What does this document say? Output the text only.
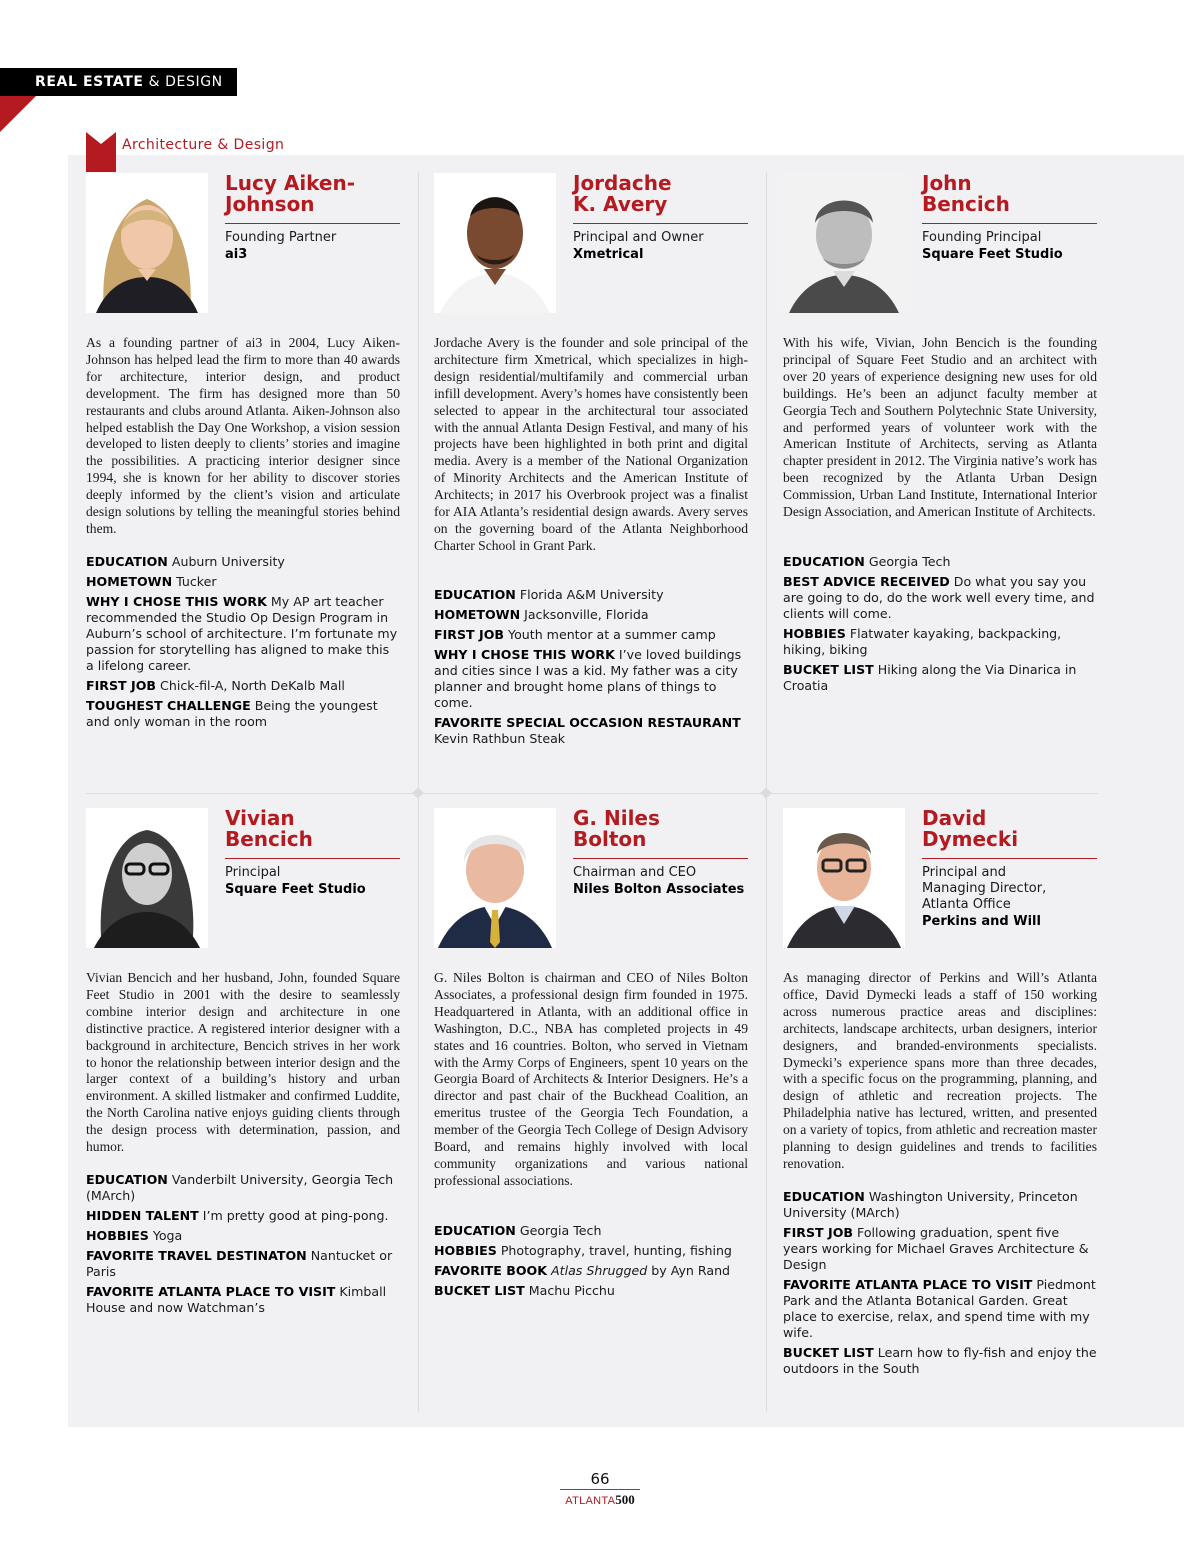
REAL ESTATE & DESIGN
Architecture & Design
Lucy Aiken-
Johnson
Founding Partner
ai3
As a founding partner of ai3 in 2004, Lucy Aiken-Johnson has helped lead the firm to more than 40 awards for architecture, interior design, and product development. The firm has designed more than 50 restaurants and clubs around Atlanta. Aiken-Johnson also helped establish the Day One Workshop, a vision session developed to listen deeply to clients’ stories and imagine the possibilities. A practicing interior designer since 1994, she is known for her ability to discover stories deeply informed by the client’s vision and articulate design solutions by telling the meaningful stories behind them.
EDUCATION Auburn University
HOMETOWN Tucker
WHY I CHOSE THIS WORK My AP art teacher recommended the Studio Op Design Program in Auburn’s school of architecture. I’m fortunate my passion for storytelling has aligned to make this a lifelong career.
FIRST JOB Chick-fil-A, North DeKalb Mall
TOUGHEST CHALLENGE Being the youngest and only woman in the room
Jordache
K. Avery
Principal and Owner
Xmetrical
Jordache Avery is the founder and sole principal of the architecture firm Xmetrical, which specializes in high-design residential/multifamily and commercial urban infill development. Avery’s homes have consistently been selected to appear in the architectural tour associated with the annual Atlanta Design Festival, and many of his projects have been highlighted in both print and digital media. Avery is a member of the National Organization of Minority Architects and the American Institute of Architects; in 2017 his Overbrook project was a finalist for AIA Atlanta’s residential design awards. Avery serves on the governing board of the Atlanta Neighborhood Charter School in Grant Park.
EDUCATION Florida A&M University
HOMETOWN Jacksonville, Florida
FIRST JOB Youth mentor at a summer camp
WHY I CHOSE THIS WORK I’ve loved buildings and cities since I was a kid. My father was a city planner and brought home plans of things to come.
FAVORITE SPECIAL OCCASION RESTAURANT Kevin Rathbun Steak
John
Bencich
Founding Principal
Square Feet Studio
With his wife, Vivian, John Bencich is the founding principal of Square Feet Studio and an architect with over 20 years of experience designing new uses for old buildings. He’s been an adjunct faculty member at Georgia Tech and Southern Polytechnic State University, and performed years of volunteer work with the American Institute of Architects, serving as Atlanta chapter president in 2012. The Virginia native’s work has been recognized by the Atlanta Urban Design Commission, Urban Land Institute, International Interior Design Association, and American Institute of Architects.
EDUCATION Georgia Tech
BEST ADVICE RECEIVED Do what you say you are going to do, do the work well every time, and clients will come.
HOBBIES Flatwater kayaking, backpacking, hiking, biking
BUCKET LIST Hiking along the Via Dinarica in Croatia
Vivian
Bencich
Principal
Square Feet Studio
Vivian Bencich and her husband, John, founded Square Feet Studio in 2001 with the desire to seamlessly combine interior design and architecture in one distinctive practice. A registered interior designer with a background in architecture, Bencich strives in her work to honor the relationship between interior design and the larger context of a building’s history and urban environment. A skilled listmaker and confirmed Luddite, the North Carolina native enjoys guiding clients through the design process with determination, passion, and humor.
EDUCATION Vanderbilt University, Georgia Tech (MArch)
HIDDEN TALENT I’m pretty good at ping-pong.
HOBBIES Yoga
FAVORITE TRAVEL DESTINATON Nantucket or Paris
FAVORITE ATLANTA PLACE TO VISIT Kimball House and now Watchman’s
G. Niles
Bolton
Chairman and CEO
Niles Bolton Associates
G. Niles Bolton is chairman and CEO of Niles Bolton Associates, a professional design firm founded in 1975. Headquartered in Atlanta, with an additional office in Washington, D.C., NBA has completed projects in 49 states and 16 countries. Bolton, who served in Vietnam with the Army Corps of Engineers, spent 10 years on the Georgia Board of Architects & Interior Designers. He’s a director and past chair of the Buckhead Coalition, an emeritus trustee of the Georgia Tech Foundation, a member of the Georgia Tech College of Design Advisory Board, and remains highly involved with local community organizations and various national professional associations.
EDUCATION Georgia Tech
HOBBIES Photography, travel, hunting, fishing
FAVORITE BOOK Atlas Shrugged by Ayn Rand
BUCKET LIST Machu Picchu
David
Dymecki
Principal and Managing Director, Atlanta Office
Perkins and Will
As managing director of Perkins and Will’s Atlanta office, David Dymecki leads a staff of 150 working across numerous practice areas and disciplines: architects, landscape architects, urban designers, interior designers, and branded-environments specialists. Dymecki’s experience spans more than three decades, with a specific focus on the programming, planning, and design of athletic and recreation projects. The Philadelphia native has lectured, written, and presented on a variety of topics, from athletic and recreation master planning to design guidelines and trends to facilities renovation.
EDUCATION Washington University, Princeton University (MArch)
FIRST JOB Following graduation, spent five years working for Michael Graves Architecture & Design
FAVORITE ATLANTA PLACE TO VISIT Piedmont Park and the Atlanta Botanical Garden. Great place to exercise, relax, and spend time with my wife.
BUCKET LIST Learn how to fly-fish and enjoy the outdoors in the South
66
ATLANTA500
